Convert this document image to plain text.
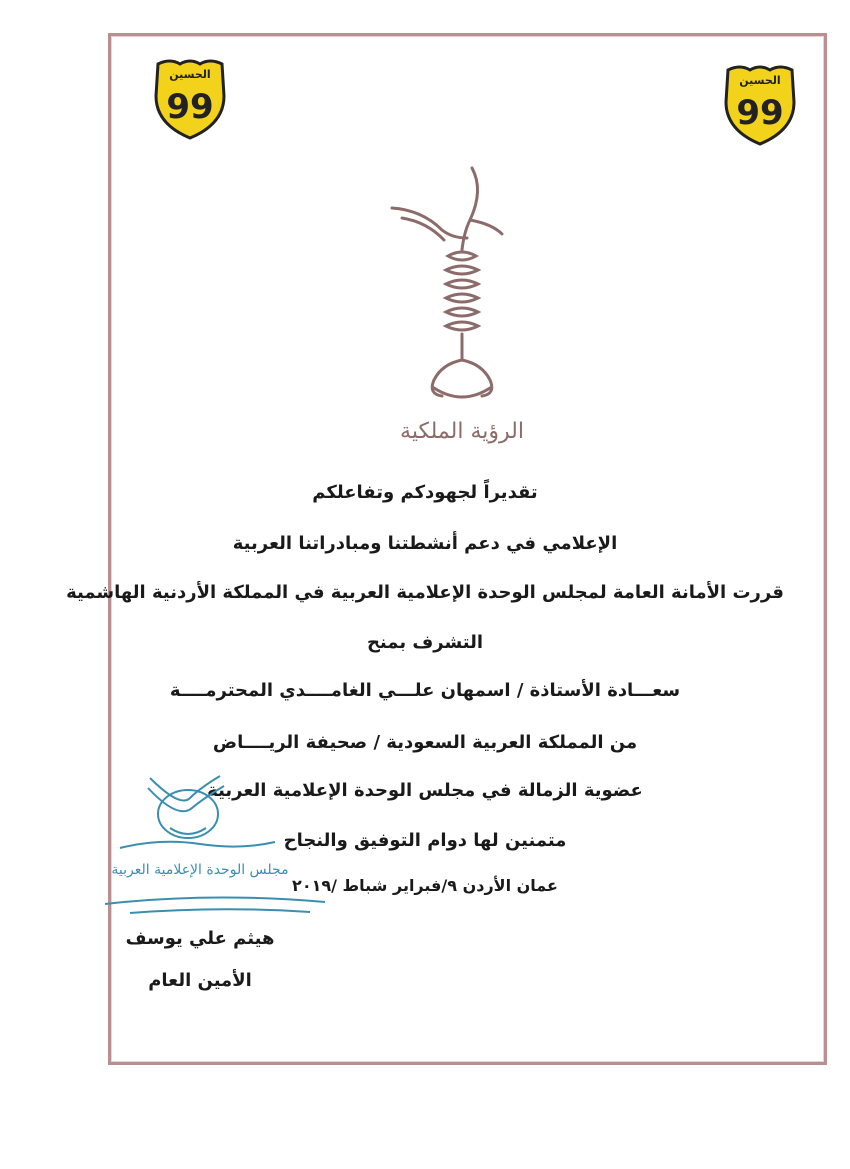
الحسين
99
الحسين
99
الرؤية الملكية
تقديراً لجهودكم وتفاعلكم
الإعلامي في دعم أنشطتنا ومبادراتنا العربية
قررت الأمانة العامة لمجلس الوحدة الإعلامية العربية في المملكة الأردنية الهاشمية
التشرف بمنح
سعـــادة الأستاذة / اسمهان علـــي الغامــــدي المحترمــــة
من المملكة العربية السعودية / صحيفة الريــــاض
عضوية الزمالة في مجلس الوحدة الإعلامية العربية
متمنين لها دوام التوفيق والنجاح
عمان الأردن ٩/فبراير شباط /٢٠١٩
مجلس الوحدة الإعلامية العربية
هيثم علي يوسف
الأمين العام
